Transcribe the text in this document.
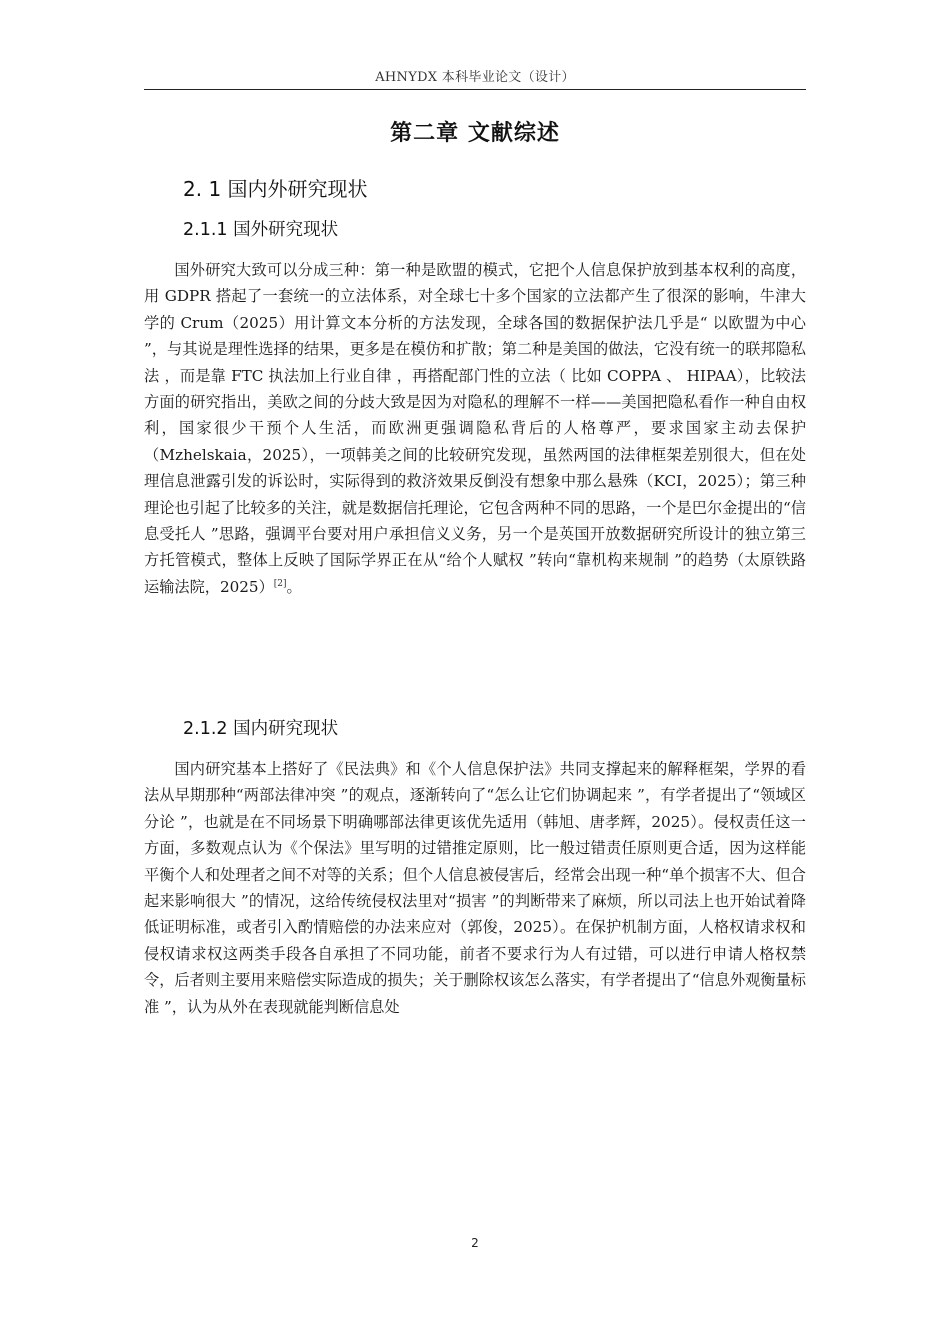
AHNYDX 本科毕业论文（设计）
第二章 文献综述
2. 1 国内外研究现状
2.1.1 国外研究现状

国外研究大致可以分成三种：第一种是欧盟的模式，它把个人信息保护放到基本权利的高度，用 GDPR 搭起了一套统一的立法体系，对全球七十多个国家的立法都产生了很深的影响，牛津大学的 Crum（2025）用计算文本分析的方法发现，全球各国的数据保护法几乎是“ 以欧盟为中心 ”，与其说是理性选择的结果，更多是在模仿和扩散；第二种是美国的做法，它没有统一的联邦隐私法 ，而是靠 FTC 执法加上行业自律 ，再搭配部门性的立法（ 比如 COPPA 、 HIPAA），比较法方面的研究指出，美欧之间的分歧大致是因为对隐私的理解不一样——美国把隐私看作一种自由权利，国家很少干预个人生活，而欧洲更强调隐私背后的人格尊严，要求国家主动去保护（Mzhelskaia，2025），一项韩美之间的比较研究发现，虽然两国的法律框架差别很大，但在处理信息泄露引发的诉讼时，实际得到的救济效果反倒没有想象中那么悬殊（KCI，2025）；第三种理论也引起了比较多的关注，就是数据信托理论，它包含两种不同的思路，一个是巴尔金提出的“信息受托人 ”思路，强调平台要对用户承担信义义务，另一个是英国开放数据研究所设计的独立第三方托管模式，整体上反映了国际学界正在从“给个人赋权 ”转向“靠机构来规制 ”的趋势（太原铁路运输法院，2025）[2]。

2.1.2 国内研究现状

国内研究基本上搭好了《民法典》和《个人信息保护法》共同支撑起来的解释框架，学界的看法从早期那种“两部法律冲突 ”的观点，逐渐转向了“怎么让它们协调起来 ”，有学者提出了“领域区分论 ”，也就是在不同场景下明确哪部法律更该优先适用（韩旭、唐孝辉，2025）。侵权责任这一方面，多数观点认为《个保法》里写明的过错推定原则，比一般过错责任原则更合适，因为这样能平衡个人和处理者之间不对等的关系；但个人信息被侵害后，经常会出现一种“单个损害不大、但合起来影响很大 ”的情况，这给传统侵权法里对“损害 ”的判断带来了麻烦，所以司法上也开始试着降低证明标准，或者引入酌情赔偿的办法来应对（郭俊，2025）。在保护机制方面，人格权请求权和侵权请求权这两类手段各自承担了不同功能，前者不要求行为人有过错，可以进行申请人格权禁令，后者则主要用来赔偿实际造成的损失；关于删除权该怎么落实，有学者提出了“信息外观衡量标准 ”，认为从外在表现就能判断信息处

2
